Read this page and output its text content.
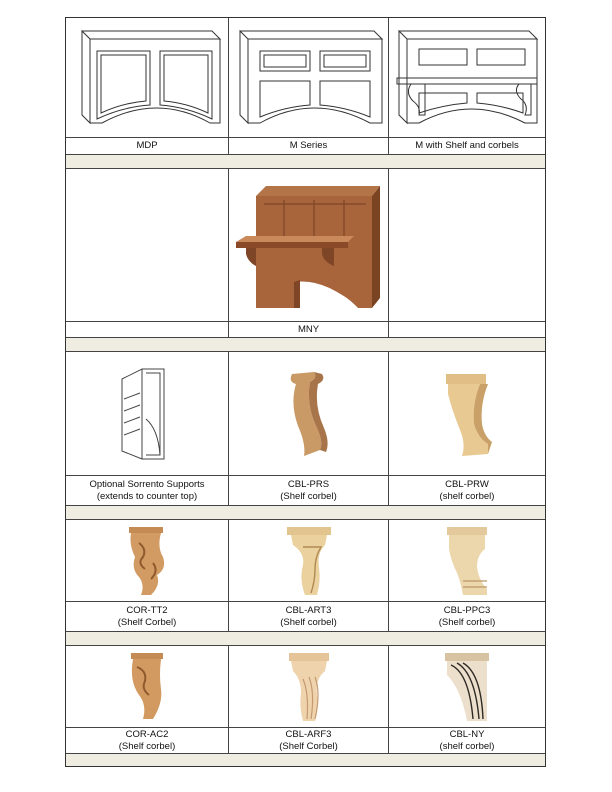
MDP	M Series	M with Shelf and corbels
MNY
Optional Sorrento Supports
(extends to counter top)
CBL-PRS
(Shelf corbel)
CBL-PRW
(shelf corbel)
COR-TT2
(Shelf Corbel)
CBL-ART3
(Shelf corbel)
CBL-PPC3
(Shelf corbel)
COR-AC2
(Shelf corbel)
CBL-ARF3
(Shelf Corbel)
CBL-NY
(shelf corbel)
